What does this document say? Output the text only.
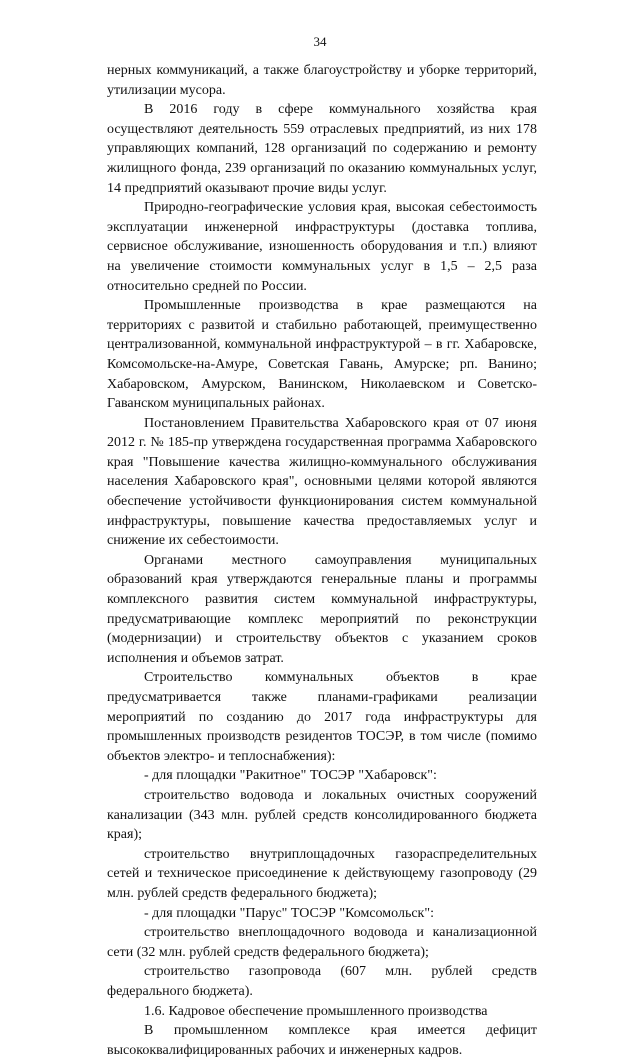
34

нерных коммуникаций, а также благоустройству и уборке территорий, утилизации мусора.

В 2016 году в сфере коммунального хозяйства края осуществляют деятельность 559 отраслевых предприятий, из них 178 управляющих компаний, 128 организаций по содержанию и ремонту жилищного фонда, 239 организаций по оказанию коммунальных услуг, 14 предприятий оказывают прочие виды услуг.

Природно-географические условия края, высокая себестоимость эксплуатации инженерной инфраструктуры (доставка топлива, сервисное обслуживание, изношенность оборудования и т.п.) влияют на увеличение стоимости коммунальных услуг в 1,5 – 2,5 раза относительно средней по России.

Промышленные производства в крае размещаются на территориях с развитой и стабильно работающей, преимущественно централизованной, коммунальной инфраструктурой – в гг. Хабаровске, Комсомольске-на-Амуре, Советская Гавань, Амурске; рп. Ванино; Хабаровском, Амурском, Ванинском, Николаевском и Советско-Гаванском муниципальных районах.

Постановлением Правительства Хабаровского края от 07 июня 2012 г. № 185-пр утверждена государственная программа Хабаровского края "Повышение качества жилищно-коммунального обслуживания населения Хабаровского края", основными целями которой являются обеспечение устойчивости функционирования систем коммунальной инфраструктуры, повышение качества предоставляемых услуг и снижение их себестоимости.

Органами местного самоуправления муниципальных образований края утверждаются генеральные планы и программы комплексного развития систем коммунальной инфраструктуры, предусматривающие комплекс мероприятий по реконструкции (модернизации) и строительству объектов с указанием сроков исполнения и объемов затрат.

Строительство коммунальных объектов в крае предусматривается также планами-графиками реализации мероприятий по созданию до 2017 года инфраструктуры для промышленных производств резидентов ТОСЭР, в том числе (помимо объектов электро- и теплоснабжения):

- для площадки "Ракитное" ТОСЭР "Хабаровск":

строительство водовода и локальных очистных сооружений канализации (343 млн. рублей средств консолидированного бюджета края);

строительство внутриплощадочных газораспределительных сетей и техническое присоединение к действующему газопроводу (29 млн. рублей средств федерального бюджета);

- для площадки "Парус" ТОСЭР "Комсомольск":

строительство внеплощадочного водовода и канализационной сети (32 млн. рублей средств федерального бюджета);

строительство газопровода (607 млн. рублей средств федерального бюджета).

1.6. Кадровое обеспечение промышленного производства

В промышленном комплексе края имеется дефицит высококвалифицированных рабочих и инженерных кадров.
